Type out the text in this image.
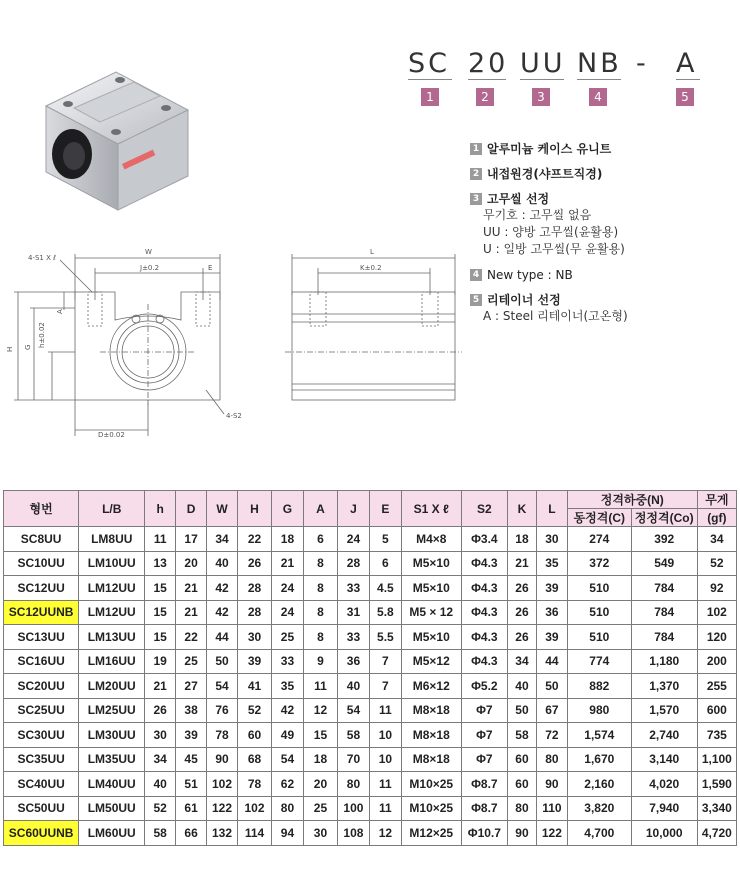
SC 20 UU NB - A
1	2	3	4	5
1 알루미늄 케이스 유니트
2 내접원경(샤프트직경)
3 고무씰 선정
무기호 : 고무씰 없음
UU : 양방 고무씰(윤활용)
U : 일방 고무씰(무 윤활용)
4 New type : NB
5 리테이너 선정
A : Steel 리테이너(고온형)
4-S1 X ℓ
W
J±0.2	E
4-S2
D±0.02
h±0.02
A
G
H
L
K±0.2
형번	L/B	h	D	W	H	G	A	J	E	S1 X ℓ	S2	K	L	정격하중(N)		무게
														동정격(C)	정정격(Co)	(gf)
SC8UU	LM8UU	11	17	34	22	18	6	24	5	M4×8	Φ3.4	18	30	274	392	34
SC10UU	LM10UU	13	20	40	26	21	8	28	6	M5×10	Φ4.3	21	35	372	549	52
SC12UU	LM12UU	15	21	42	28	24	8	33	4.5	M5×10	Φ4.3	26	39	510	784	92
SC12UUNB	LM12UU	15	21	42	28	24	8	31	5.8	M5 × 12	Φ4.3	26	36	510	784	102
SC13UU	LM13UU	15	22	44	30	25	8	33	5.5	M5×10	Φ4.3	26	39	510	784	120
SC16UU	LM16UU	19	25	50	39	33	9	36	7	M5×12	Φ4.3	34	44	774	1,180	200
SC20UU	LM20UU	21	27	54	41	35	11	40	7	M6×12	Φ5.2	40	50	882	1,370	255
SC25UU	LM25UU	26	38	76	52	42	12	54	11	M8×18	Φ7	50	67	980	1,570	600
SC30UU	LM30UU	30	39	78	60	49	15	58	10	M8×18	Φ7	58	72	1,574	2,740	735
SC35UU	LM35UU	34	45	90	68	54	18	70	10	M8×18	Φ7	60	80	1,670	3,140	1,100
SC40UU	LM40UU	40	51	102	78	62	20	80	11	M10×25	Φ8.7	60	90	2,160	4,020	1,590
SC50UU	LM50UU	52	61	122	102	80	25	100	11	M10×25	Φ8.7	80	110	3,820	7,940	3,340
SC60UUNB	LM60UU	58	66	132	114	94	30	108	12	M12×25	Φ10.7	90	122	4,700	10,000	4,720
